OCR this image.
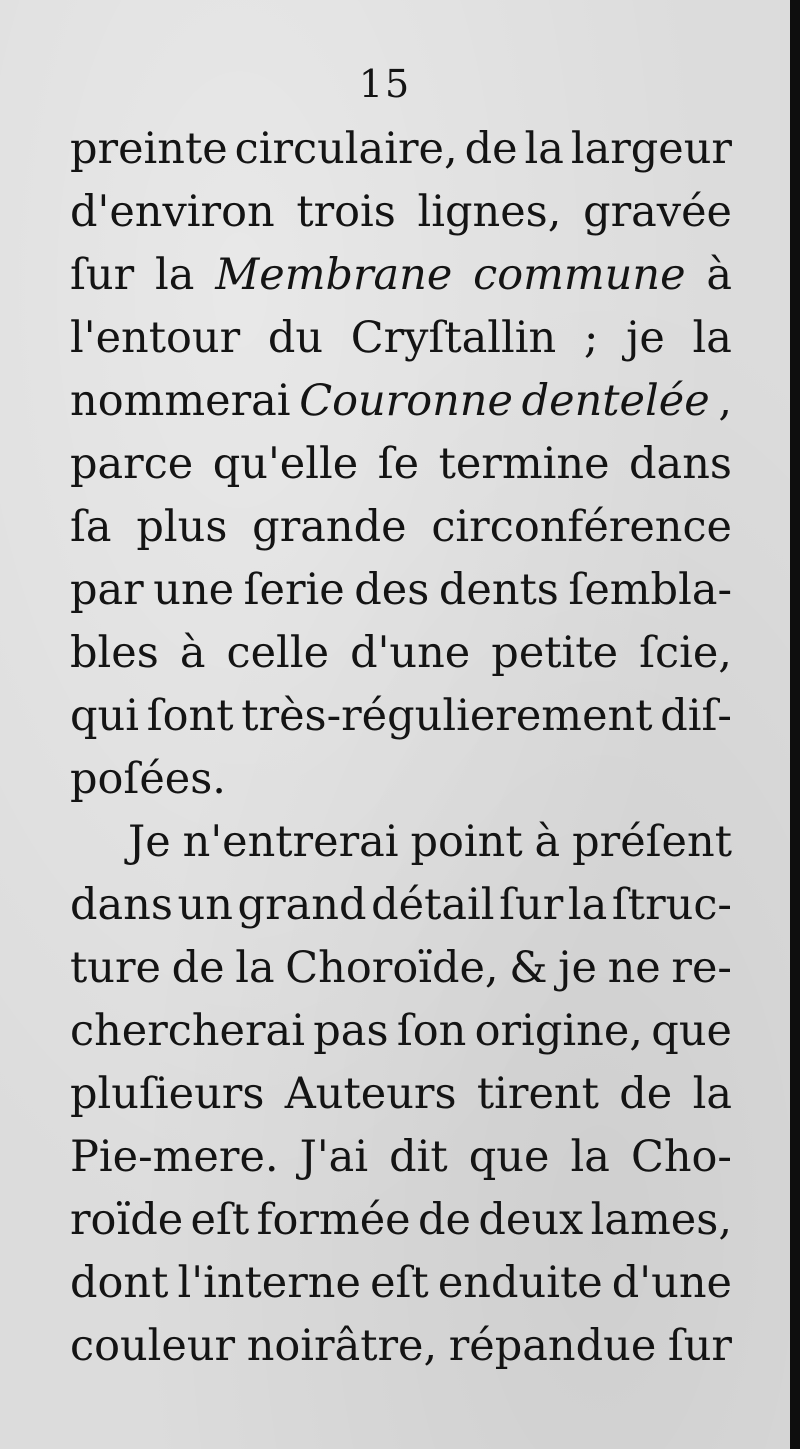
15
preinte circulaire, de la largeur
d'environ trois lignes, gravée
ſur la Membrane commune à
l'entour du Cryſtallin ; je la
nommerai Couronne dentelée ,
parce qu'elle ſe termine dans
ſa plus grande circonférence
par une ſerie des dents ſembla-
bles à celle d'une petite ſcie,
qui ſont très-régulierement diſ-
poſées.
Je n'entrerai point à préſent
dans un grand détail ſur la ſtruc-
ture de la Choroïde, & je ne re-
chercherai pas ſon origine, que
pluſieurs Auteurs tirent de la
Pie-mere. J'ai dit que la Cho-
roïde eſt formée de deux lames,
dont l'interne eſt enduite d'une
couleur noirâtre, répandue ſur
